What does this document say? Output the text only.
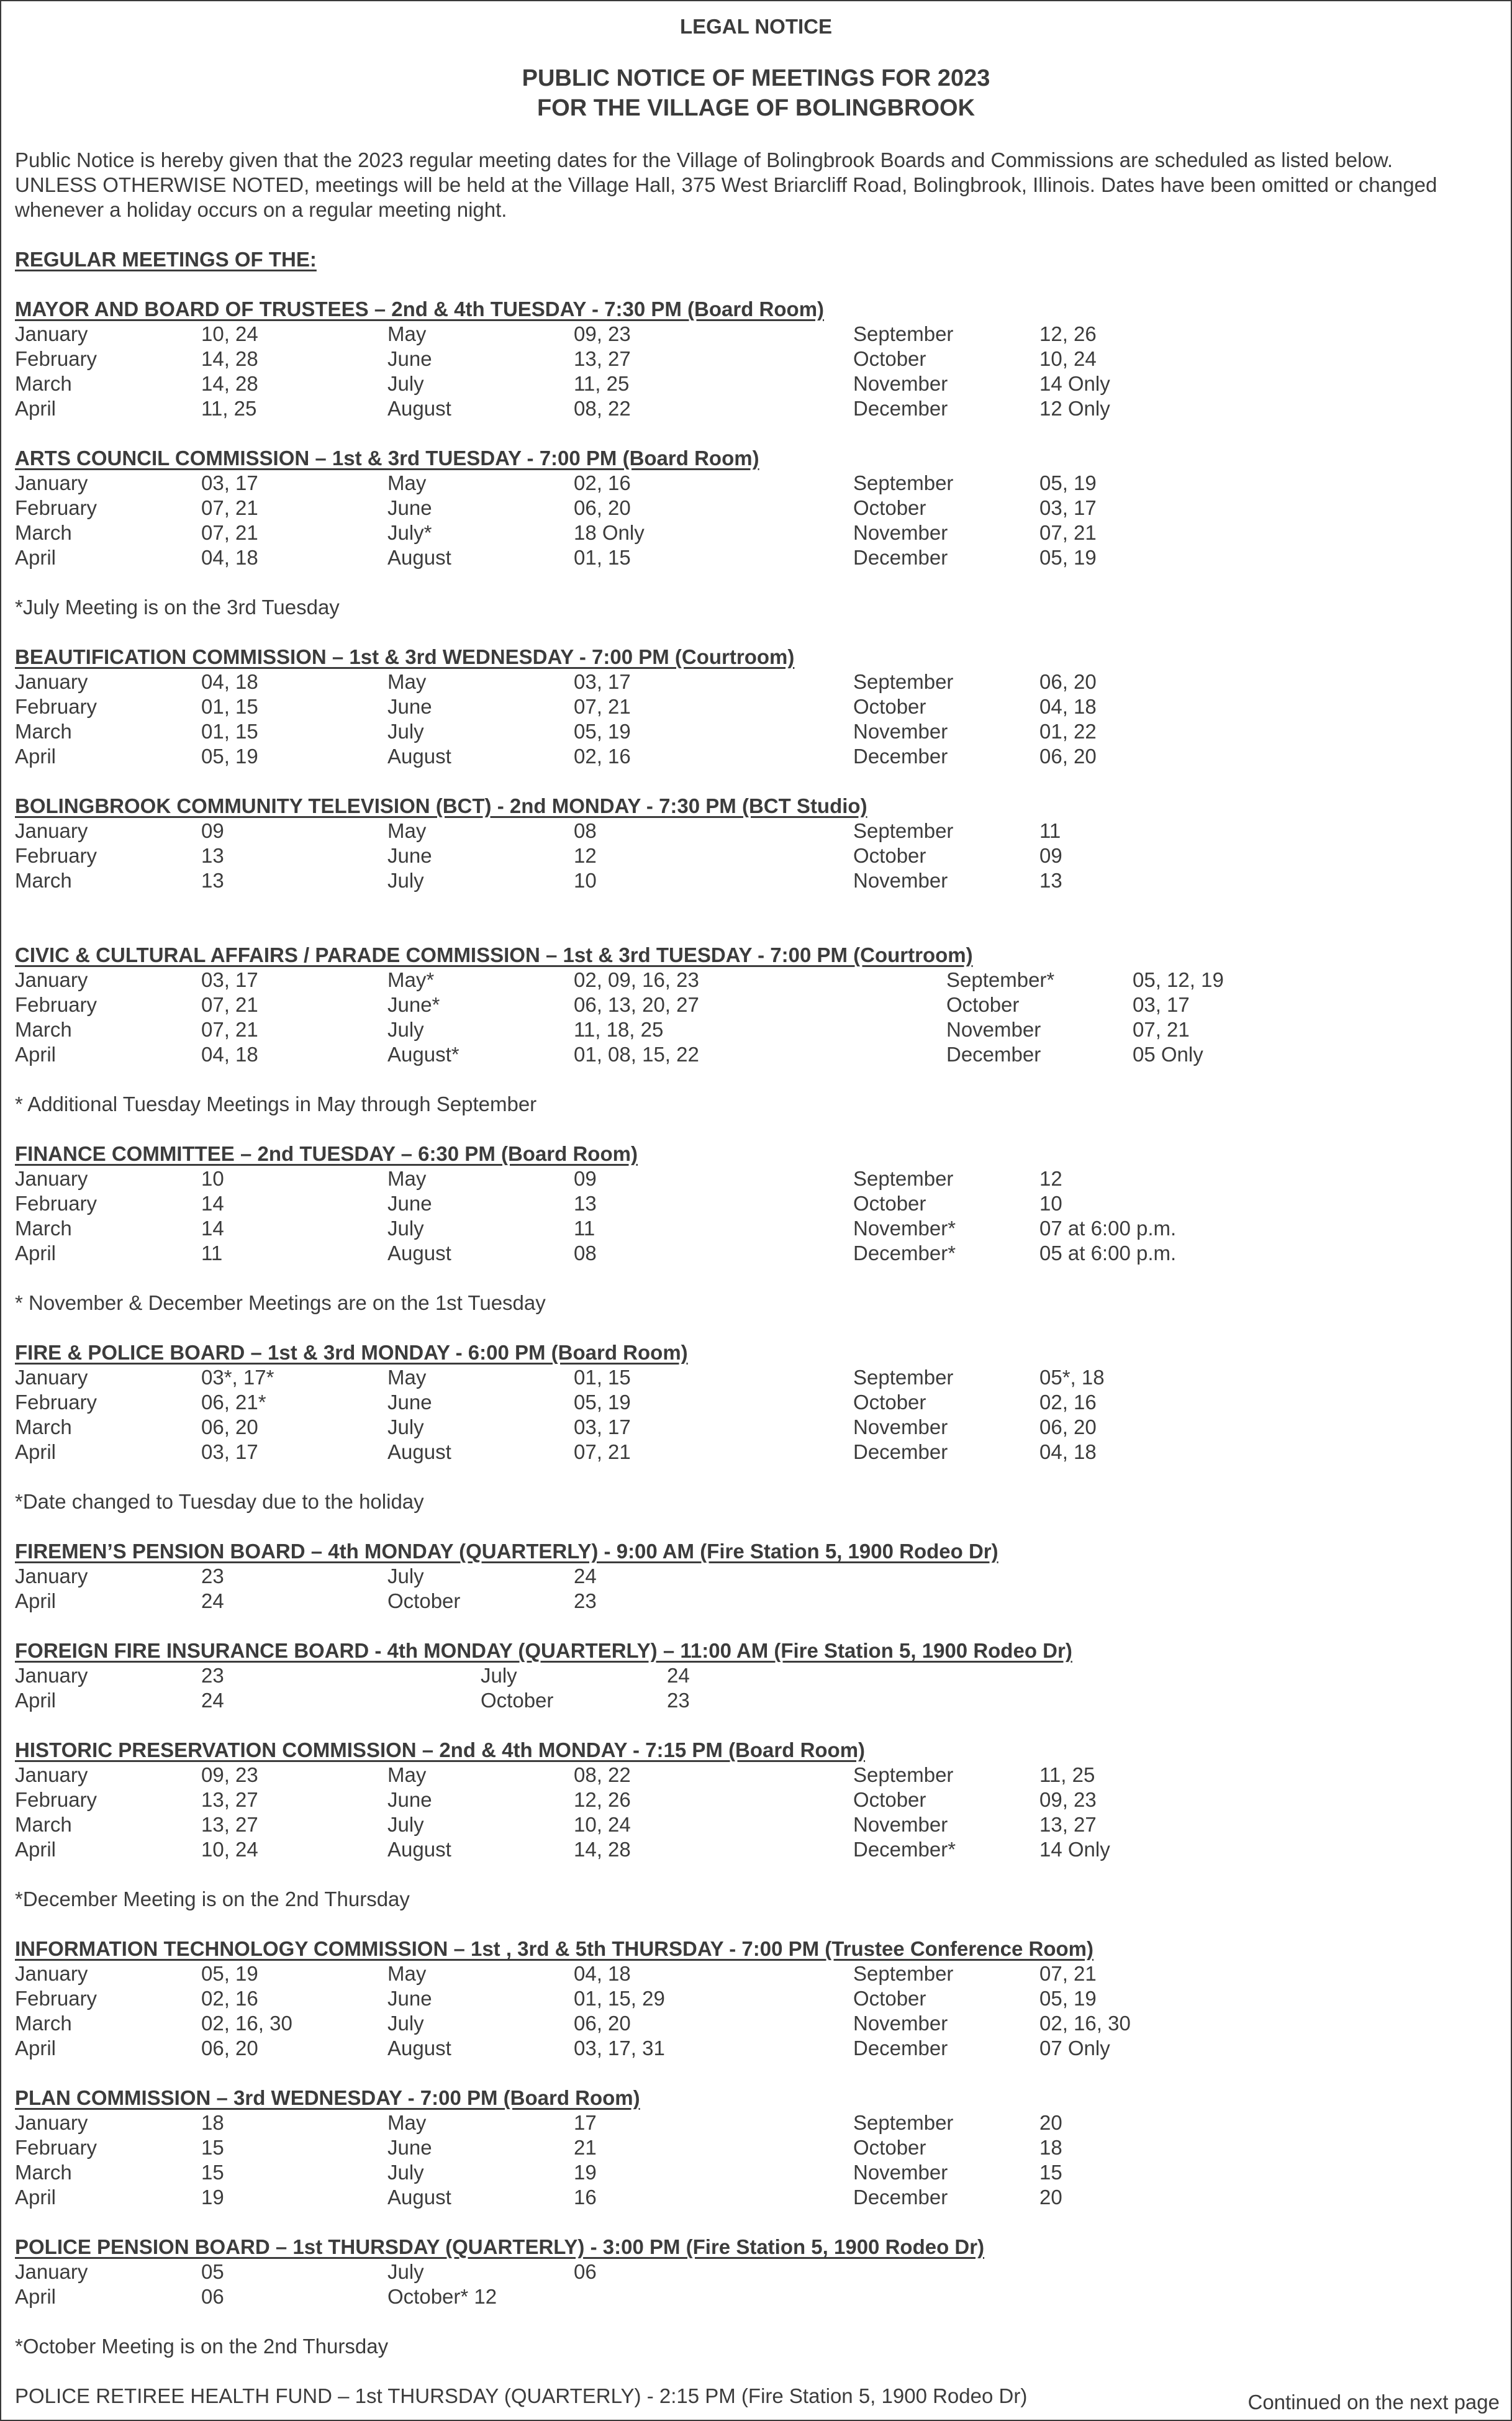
LEGAL NOTICE
PUBLIC NOTICE OF MEETINGS FOR 2023
FOR THE VILLAGE OF BOLINGBROOK
Public Notice is hereby given that the 2023 regular meeting dates for the Village of Bolingbrook Boards and Commissions are scheduled as listed below.
UNLESS OTHERWISE NOTED, meetings will be held at the Village Hall, 375 West Briarcliff Road, Bolingbrook, Illinois. Dates have been omitted or changed
whenever a holiday occurs on a regular meeting night.
REGULAR MEETINGS OF THE:
MAYOR AND BOARD OF TRUSTEES – 2nd & 4th TUESDAY - 7:30 PM (Board Room)
January	10, 24	May	09, 23	September	12, 26
February	14, 28	June	13, 27	October	10, 24
March	14, 28	July	11, 25	November	14 Only
April	11, 25	August	08, 22	December	12 Only
ARTS COUNCIL COMMISSION – 1st & 3rd TUESDAY - 7:00 PM (Board Room)
January	03, 17	May	02, 16	September	05, 19
February	07, 21	June	06, 20	October	03, 17
March	07, 21	July*	18 Only	November	07, 21
April	04, 18	August	01, 15	December	05, 19
*July Meeting is on the 3rd Tuesday
BEAUTIFICATION COMMISSION – 1st & 3rd WEDNESDAY - 7:00 PM (Courtroom)
January	04, 18	May	03, 17	September	06, 20
February	01, 15	June	07, 21	October	04, 18
March	01, 15	July	05, 19	November	01, 22
April	05, 19	August	02, 16	December	06, 20
BOLINGBROOK COMMUNITY TELEVISION (BCT) - 2nd MONDAY - 7:30 PM (BCT Studio)
January	09	May	08	September	11
February	13	June	12	October	09
March	13	July	10	November	13
CIVIC & CULTURAL AFFAIRS / PARADE COMMISSION – 1st & 3rd TUESDAY - 7:00 PM (Courtroom)
January	03, 17	May*	02, 09, 16, 23	September*	05, 12, 19
February	07, 21	June*	06, 13, 20, 27	October	03, 17
March	07, 21	July	11, 18, 25	November	07, 21
April	04, 18	August*	01, 08, 15, 22	December	05 Only
* Additional Tuesday Meetings in May through September
FINANCE COMMITTEE – 2nd TUESDAY – 6:30 PM (Board Room)
January	10	May	09	September	12
February	14	June	13	October	10
March	14	July	11	November*	07 at 6:00 p.m.
April	11	August	08	December*	05 at 6:00 p.m.
* November & December Meetings are on the 1st Tuesday
FIRE & POLICE BOARD – 1st & 3rd MONDAY - 6:00 PM (Board Room)
January	03*, 17*	May	01, 15	September	05*, 18
February	06, 21*	June	05, 19	October	02, 16
March	06, 20	July	03, 17	November	06, 20
April	03, 17	August	07, 21	December	04, 18
*Date changed to Tuesday due to the holiday
FIREMEN’S PENSION BOARD – 4th MONDAY (QUARTERLY) - 9:00 AM (Fire Station 5, 1900 Rodeo Dr)
January	23	July	24
April	24	October	23
FOREIGN FIRE INSURANCE BOARD - 4th MONDAY (QUARTERLY) – 11:00 AM (Fire Station 5, 1900 Rodeo Dr)
January	23	July	24
April	24	October	23
HISTORIC PRESERVATION COMMISSION – 2nd & 4th MONDAY - 7:15 PM (Board Room)
January	09, 23	May	08, 22	September	11, 25
February	13, 27	June	12, 26	October	09, 23
March	13, 27	July	10, 24	November	13, 27
April	10, 24	August	14, 28	December*	14 Only
*December Meeting is on the 2nd Thursday
INFORMATION TECHNOLOGY COMMISSION – 1st , 3rd & 5th THURSDAY - 7:00 PM (Trustee Conference Room)
January	05, 19	May	04, 18	September	07, 21
February	02, 16	June	01, 15, 29	October	05, 19
March	02, 16, 30	July	06, 20	November	02, 16, 30
April	06, 20	August	03, 17, 31	December	07 Only
PLAN COMMISSION – 3rd WEDNESDAY - 7:00 PM (Board Room)
January	18	May	17	September	20
February	15	June	21	October	18
March	15	July	19	November	15
April	19	August	16	December	20
POLICE PENSION BOARD – 1st THURSDAY (QUARTERLY) - 3:00 PM (Fire Station 5, 1900 Rodeo Dr)
January	05	July	06
April	06	October* 12
*October Meeting is on the 2nd Thursday
POLICE RETIREE HEALTH FUND – 1st THURSDAY (QUARTERLY) - 2:15 PM (Fire Station 5, 1900 Rodeo Dr)	Continued on the next page
